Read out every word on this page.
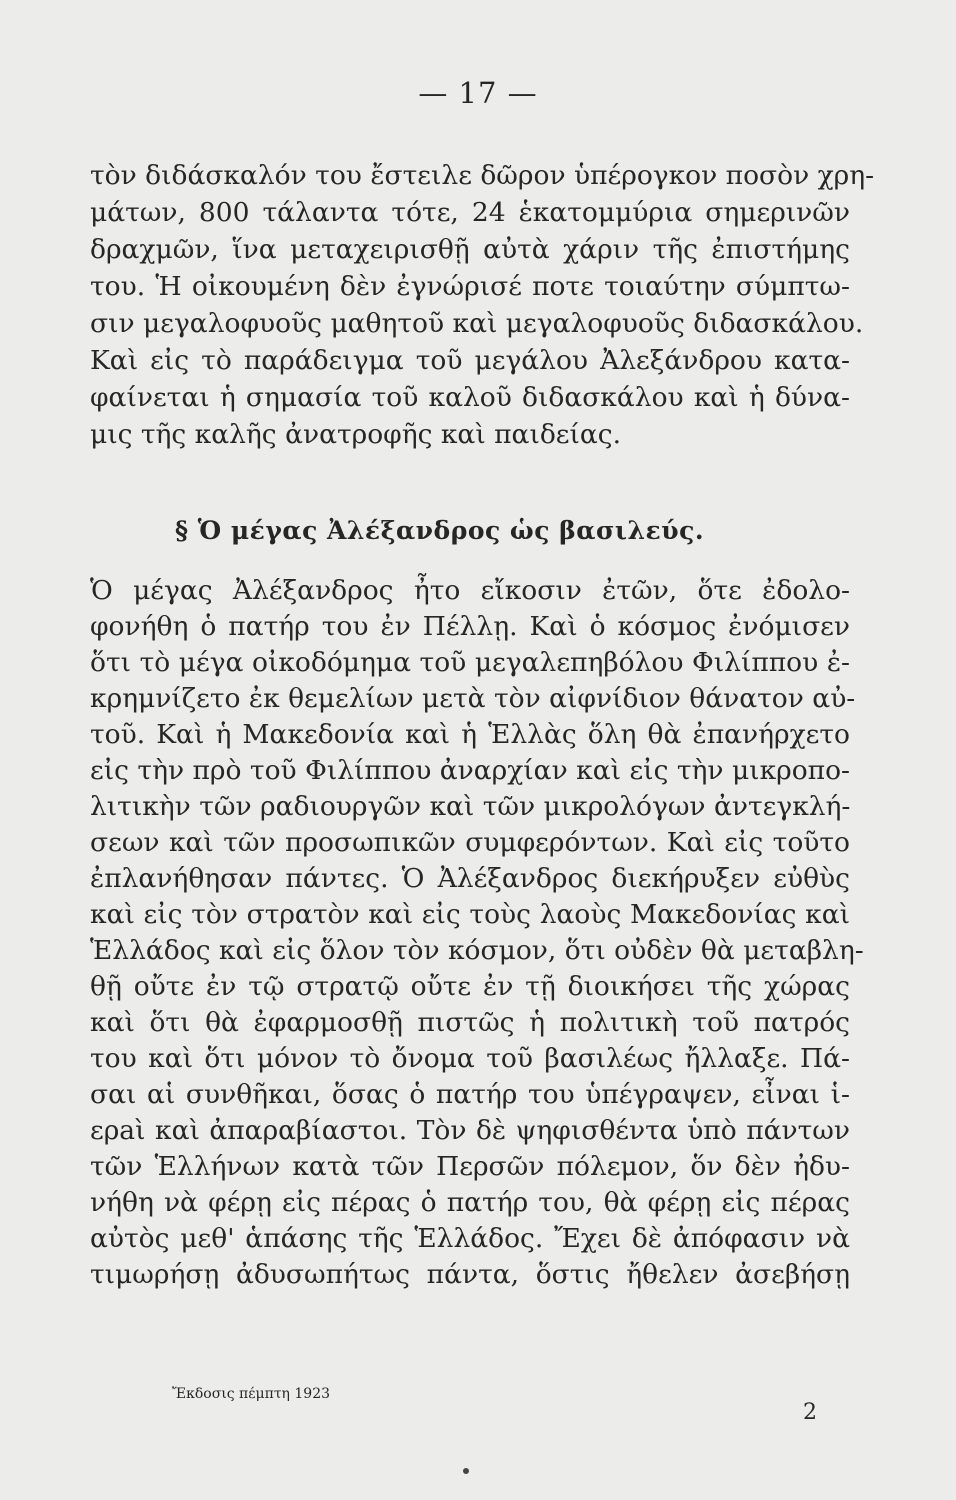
— 17 —
τὸν διδάσκαλόν του ἔστειλε δῶρον ὑπέρογκον ποσὸν χρη-
μάτων, 800 τάλαντα τότε, 24 ἑκατομμύρια σημερινῶν
δραχμῶν, ἵνα μεταχειρισθῇ αὐτὰ χάριν τῆς ἐπιστήμης
του. Ἡ οἰκουμένη δὲν ἐγνώρισέ ποτε τοιαύτην σύμπτω-
σιν μεγαλοφυοῦς μαθητοῦ καὶ μεγαλοφυοῦς διδασκάλου.
Καὶ εἰς τὸ παράδειγμα τοῦ μεγάλου Ἀλεξάνδρου κατα-
φαίνεται ἡ σημασία τοῦ καλοῦ διδασκάλου καὶ ἡ δύνα-
μις τῆς καλῆς ἀνατροφῆς καὶ παιδείας.
§ Ὁ μέγας Ἀλέξανδρος ὡς βασιλεύς.
Ὁ μέγας Ἀλέξανδρος ἦτο εἴκοσιν ἐτῶν, ὅτε ἐδολο-
φονήθη ὁ πατήρ του ἐν Πέλλῃ. Καὶ ὁ κόσμος ἐνόμισεν
ὅτι τὸ μέγα οἰκοδόμημα τοῦ μεγαλεπηβόλου Φιλίππου ἐ-
κρημνίζετο ἐκ θεμελίων μετὰ τὸν αἰφνίδιον θάνατον αὐ-
τοῦ. Καὶ ἡ Μακεδονία καὶ ἡ Ἑλλὰς ὅλη θὰ ἐπανήρχετο
εἰς τὴν πρὸ τοῦ Φιλίππου ἀναρχίαν καὶ εἰς τὴν μικροπο-
λιτικὴν τῶν ραδιουργῶν καὶ τῶν μικρολόγων ἀντεγκλή-
σεων καὶ τῶν προσωπικῶν συμφερόντων. Καὶ εἰς τοῦτο
ἐπλανήθησαν πάντες. Ὁ Ἀλέξανδρος διεκήρυξεν εὐθὺς
καὶ εἰς τὸν στρατὸν καὶ εἰς τοὺς λαοὺς Μακεδονίας καὶ
Ἑλλάδος καὶ εἰς ὅλον τὸν κόσμον, ὅτι οὐδὲν θὰ μεταβλη-
θῇ οὔτε ἐν τῷ στρατῷ οὔτε ἐν τῇ διοικήσει τῆς χώρας
καὶ ὅτι θὰ ἐφαρμοσθῇ πιστῶς ἡ πολιτικὴ τοῦ πατρός
του καὶ ὅτι μόνον τὸ ὄνομα τοῦ βασιλέως ἤλλαξε. Πά-
σαι αἱ συνθῆκαι, ὅσας ὁ πατήρ του ὑπέγραψεν, εἶναι ἱ-
ερaὶ καὶ ἀπαραβίαστοι. Τὸν δὲ ψηφισθέντα ὑπὸ πάντων
τῶν Ἑλλήνων κατὰ τῶν Περσῶν πόλεμον, ὅν δὲν ἠδυ-
νήθη νὰ φέρῃ εἰς πέρας ὁ πατήρ του, θὰ φέρῃ εἰς πέρας
αὐτὸς μεθ' ἁπάσης τῆς Ἑλλάδος. Ἔχει δὲ ἀπόφασιν νὰ
τιμωρήσῃ ἀδυσωπήτως πάντα, ὅστις ἤθελεν ἀσεβήσῃ
Ἔκδοσις πέμπτη 1923
2
